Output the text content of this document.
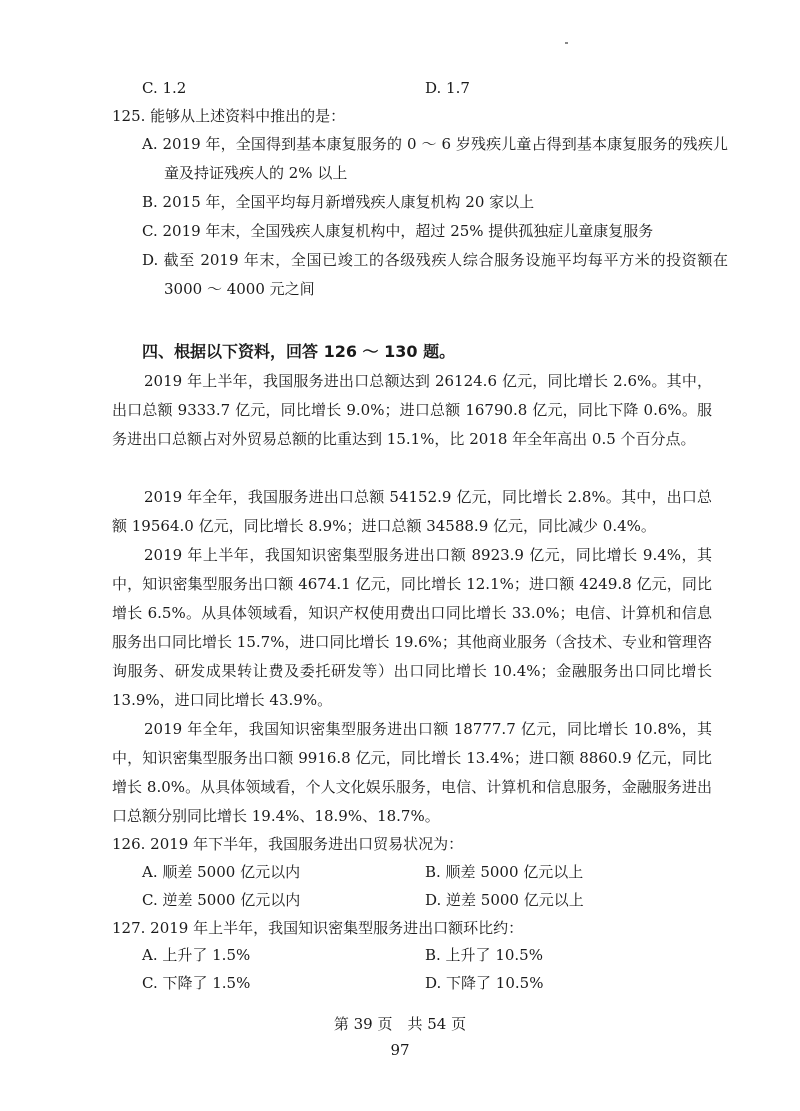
C. 1.2	D. 1.7
125. 能够从上述资料中推出的是：
A. 2019 年，全国得到基本康复服务的 0 ～ 6 岁残疾儿童占得到基本康复服务的残疾儿童及持证残疾人的 2% 以上
B. 2015 年，全国平均每月新增残疾人康复机构 20 家以上
C. 2019 年末，全国残疾人康复机构中，超过 25% 提供孤独症儿童康复服务
D. 截至 2019 年末，全国已竣工的各级残疾人综合服务设施平均每平方米的投资额在 3000 ～ 4000 元之间
四、根据以下资料，回答 126 ～ 130 题。
2019 年上半年，我国服务进出口总额达到 26124.6 亿元，同比增长 2.6%。其中，出口总额 9333.7 亿元，同比增长 9.0%；进口总额 16790.8 亿元，同比下降 0.6%。服务进出口总额占对外贸易总额的比重达到 15.1%，比 2018 年全年高出 0.5 个百分点。
2019 年全年，我国服务进出口总额 54152.9 亿元，同比增长 2.8%。其中，出口总额 19564.0 亿元，同比增长 8.9%；进口总额 34588.9 亿元，同比减少 0.4%。
2019 年上半年，我国知识密集型服务进出口额 8923.9 亿元，同比增长 9.4%，其中，知识密集型服务出口额 4674.1 亿元，同比增长 12.1%；进口额 4249.8 亿元，同比增长 6.5%。从具体领域看，知识产权使用费出口同比增长 33.0%；电信、计算机和信息服务出口同比增长 15.7%，进口同比增长 19.6%；其他商业服务（含技术、专业和管理咨询服务、研发成果转让费及委托研发等）出口同比增长 10.4%；金融服务出口同比增长 13.9%，进口同比增长 43.9%。
2019 年全年，我国知识密集型服务进出口额 18777.7 亿元，同比增长 10.8%，其中，知识密集型服务出口额 9916.8 亿元，同比增长 13.4%；进口额 8860.9 亿元，同比增长 8.0%。从具体领域看，个人文化娱乐服务，电信、计算机和信息服务，金融服务进出口总额分别同比增长 19.4%、18.9%、18.7%。
126. 2019 年下半年，我国服务进出口贸易状况为：
A. 顺差 5000 亿元以内	B. 顺差 5000 亿元以上
C. 逆差 5000 亿元以内	D. 逆差 5000 亿元以上
127. 2019 年上半年，我国知识密集型服务进出口额环比约：
A. 上升了 1.5%	B. 上升了 10.5%
C. 下降了 1.5%	D. 下降了 10.5%
第 39 页　共 54 页
97
